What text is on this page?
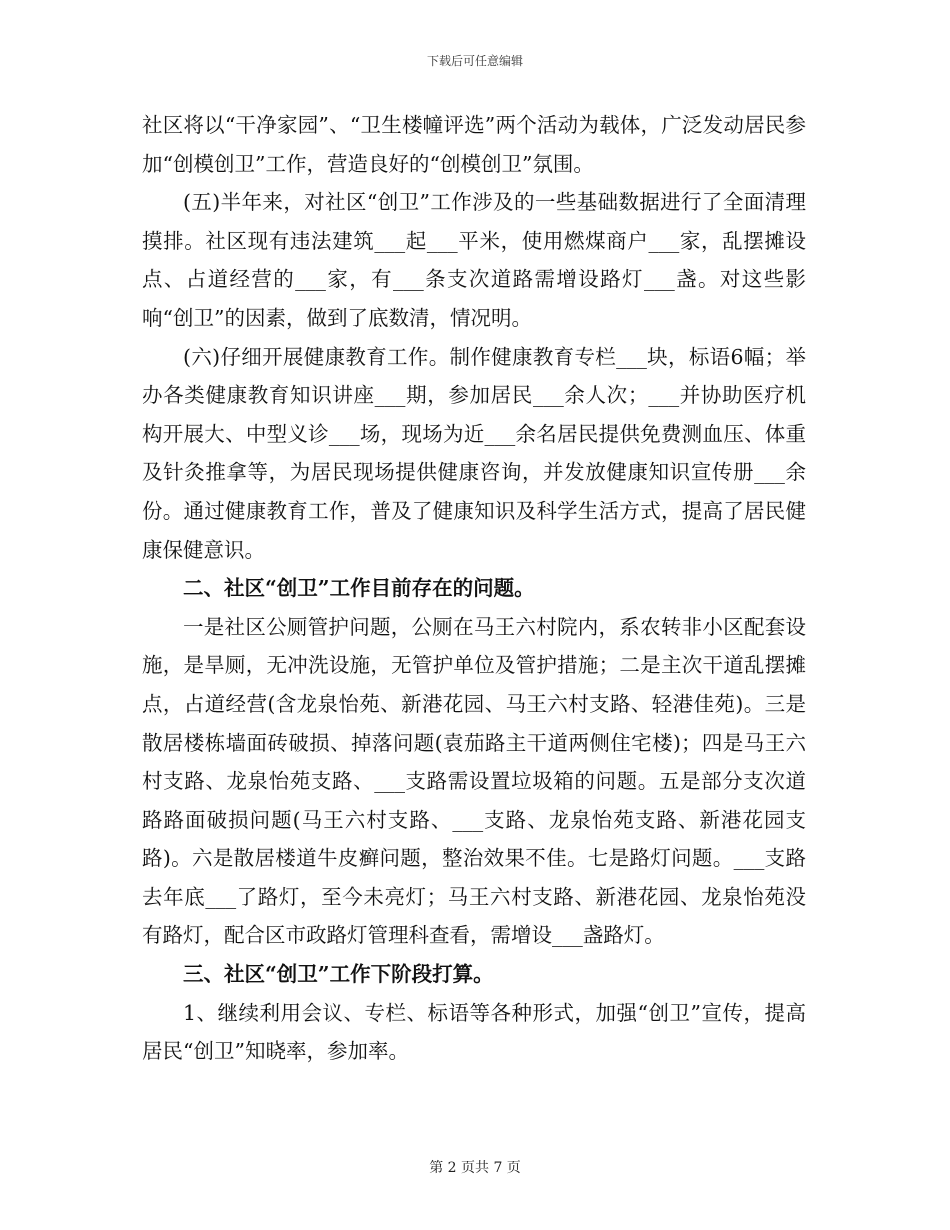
下载后可任意编辑

社区将以“干净家园”、“卫生楼幢评选”两个活动为载体，广泛发动居民参加“创模创卫”工作，营造良好的“创模创卫”氛围。

(五)半年来，对社区“创卫”工作涉及的一些基础数据进行了全面清理摸排。社区现有违法建筑___起___平米，使用燃煤商户___家，乱摆摊设点、占道经营的___家，有___条支次道路需增设路灯___盏。对这些影响“创卫”的因素，做到了底数清，情况明。

(六)仔细开展健康教育工作。制作健康教育专栏___块，标语6幅；举办各类健康教育知识讲座___期，参加居民___余人次；___并协助医疗机构开展大、中型义诊___场，现场为近___余名居民提供免费测血压、体重及针灸推拿等，为居民现场提供健康咨询，并发放健康知识宣传册___余份。通过健康教育工作，普及了健康知识及科学生活方式，提高了居民健康保健意识。

二、社区“创卫”工作目前存在的问题。

一是社区公厕管护问题，公厕在马王六村院内，系农转非小区配套设施，是旱厕，无冲洗设施，无管护单位及管护措施；二是主次干道乱摆摊点，占道经营(含龙泉怡苑、新港花园、马王六村支路、轻港佳苑)。三是散居楼栋墙面砖破损、掉落问题(袁茄路主干道两侧住宅楼)；四是马王六村支路、龙泉怡苑支路、___支路需设置垃圾箱的问题。五是部分支次道路路面破损问题(马王六村支路、___支路、龙泉怡苑支路、新港花园支路)。六是散居楼道牛皮癣问题，整治效果不佳。七是路灯问题。___支路去年底___了路灯，至今未亮灯；马王六村支路、新港花园、龙泉怡苑没有路灯，配合区市政路灯管理科查看，需增设___盏路灯。

三、社区“创卫”工作下阶段打算。

1、继续利用会议、专栏、标语等各种形式，加强“创卫”宣传，提高居民“创卫”知晓率，参加率。

第 2 页共 7 页
